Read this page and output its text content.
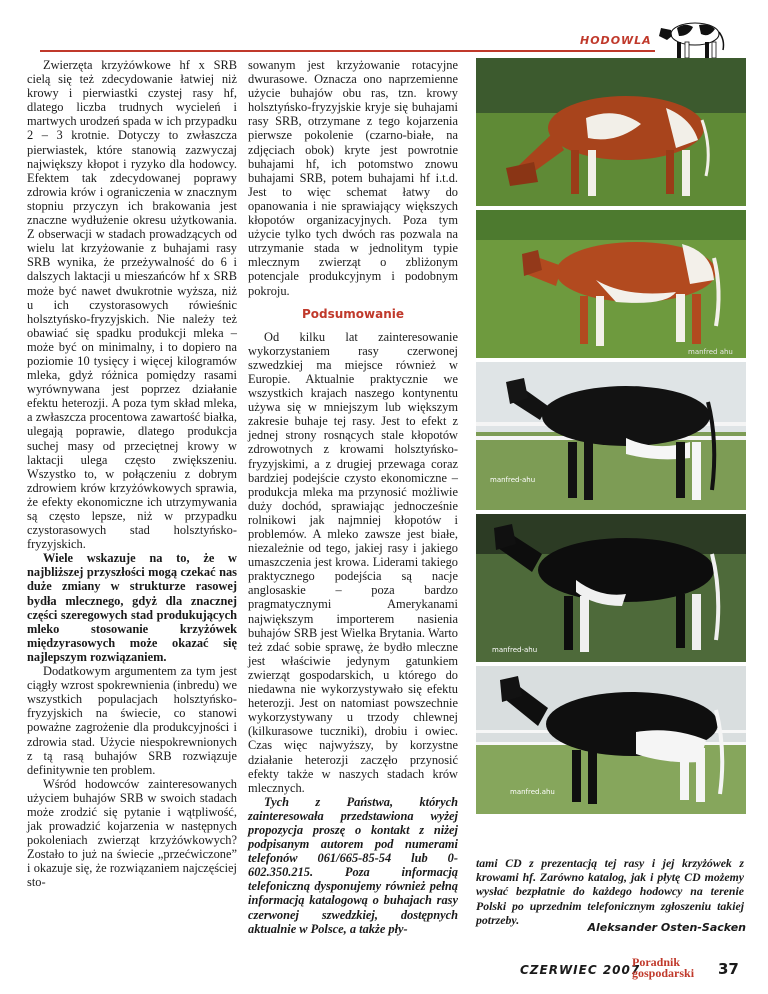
HODOWLA

Zwierzęta krzyżówkowe hf x SRB cielą się też zdecydowanie łatwiej niż krowy i pierwiastki czystej rasy hf, dlatego liczba trudnych wycieleń i martwych urodzeń spada w ich przypadku 2 – 3 krotnie. Dotyczy to zwłaszcza pierwiastek, które stanowią zazwyczaj największy kłopot i ryzyko dla hodowcy. Efektem tak zdecydowanej poprawy zdrowia krów i ograniczenia w znacznym stopniu przyczyn ich brakowania jest znaczne wydłużenie okresu użytkowania. Z obserwacji w stadach prowadzących od wielu lat krzyżowanie z buhajami rasy SRB wynika, że przeżywalność do 6 i dalszych laktacji u mieszańców hf x SRB może być nawet dwukrotnie wyższa, niż u ich czystorasowych rówieśnic holsztyńsko-fryzyjskich. Nie należy też obawiać się spadku produkcji mleka – może być on minimalny, i to dopiero na poziomie 10 tysięcy i więcej kilogramów mleka, gdyż różnica pomiędzy rasami wyrównywana jest poprzez działanie efektu heterozji. A poza tym skład mleka, a zwłaszcza procentowa zawartość białka, ulegają poprawie, dlatego produkcja suchej masy od przeciętnej krowy w laktacji ulega często zwiększeniu. Wszystko to, w połączeniu z dobrym zdrowiem krów krzyżówkowych sprawia, że efekty ekonomiczne ich utrzymywania są często lepsze, niż w przypadku czystorasowych stad holsztyńsko-fryzyjskich.

Wiele wskazuje na to, że w najbliższej przyszłości mogą czekać nas duże zmiany w strukturze rasowej bydła mlecznego, gdyż dla znacznej części szeregowych stad produkujących mleko stosowanie krzyżówek międzyrasowych może okazać się najlepszym rozwiązaniem.

Dodatkowym argumentem za tym jest ciągły wzrost spokrewnienia (inbredu) we wszystkich populacjach holsztyńsko-fryzyjskich na świecie, co stanowi poważne zagrożenie dla produkcyjności i zdrowia stad. Użycie niespokrewnionych z tą rasą buhajów SRB rozwiązuje definitywnie ten problem.

Wśród hodowców zainteresowanych użyciem buhajów SRB w swoich stadach może zrodzić się pytanie i wątpliwość, jak prowadzić kojarzenia w następnych pokoleniach zwierząt krzyżówkowych? Zostało to już na świecie „przećwiczone” i okazuje się, że rozwiązaniem najczęściej sto-

sowanym jest krzyżowanie rotacyjne dwurasowe. Oznacza ono naprzemienne użycie buhajów obu ras, tzn. krowy holsztyńsko-fryzyjskie kryje się buhajami rasy SRB, otrzymane z tego kojarzenia pierwsze pokolenie (czarno-białe, na zdjęciach obok) kryte jest powrotnie buhajami hf, ich potomstwo znowu buhajami SRB, potem buhajami hf i.t.d. Jest to więc schemat łatwy do opanowania i nie sprawiający większych kłopotów organizacyjnych. Poza tym użycie tylko tych dwóch ras pozwala na utrzymanie stada w jednolitym typie mlecznym zwierząt o zbliżonym potencjale produkcyjnym i podobnym pokroju.

Podsumowanie

Od kilku lat zainteresowanie wykorzystaniem rasy czerwonej szwedzkiej ma miejsce również w Europie. Aktualnie praktycznie we wszystkich krajach naszego kontynentu używa się w mniejszym lub większym zakresie buhaje tej rasy. Jest to efekt z jednej strony rosnących stale kłopotów zdrowotnych z krowami holsztyńsko-fryzyjskimi, a z drugiej przewaga coraz bardziej podejście czysto ekonomiczne – produkcja mleka ma przynosić możliwie duży dochód, sprawiając jednocześnie rolnikowi jak najmniej kłopotów i problemów. A mleko zawsze jest białe, niezależnie od tego, jakiej rasy i jakiego umaszczenia jest krowa. Liderami takiego praktycznego podejścia są nacje anglosaskie – poza bardzo pragmatycznymi Amerykanami największym importerem nasienia buhajów SRB jest Wielka Brytania. Warto też zdać sobie sprawę, że bydło mleczne jest właściwie jedynym gatunkiem zwierząt gospodarskich, u którego do niedawna nie wykorzystywało się efektu heterozji. Jest on natomiast powszechnie wykorzystywany u trzody chlewnej (kilkurasowe tuczniki), drobiu i owiec. Czas więc najwyższy, by korzystne działanie heterozji zaczęło przynosić efekty także w naszych stadach krów mlecznych.

Tych z Państwa, których zainteresowała przedstawiona wyżej propozycja proszę o kontakt z niżej podpisanym autorem pod numerami telefonów 061/665-85-54 lub 0-602.350.215. Poza informacją telefoniczną dysponujemy również pełną informacją katalogową o buhajach rasy czerwonej szwedzkiej, dostępnych aktualnie w Polsce, a także pły-

manfred ahu
manfred-ahu
manfred-ahu
manfred.ahu
tami CD z prezentacją tej rasy i jej krzyżówek z krowami hf. Zarówno katalog, jak i płytę CD możemy wysłać bezpłatnie do każdego hodowcy na terenie Polski po uprzednim telefonicznym zgłoszeniu takiej potrzeby.
Aleksander Osten-Sacken
CZERWIEC 2007
Poradnik
gospodarski 37
